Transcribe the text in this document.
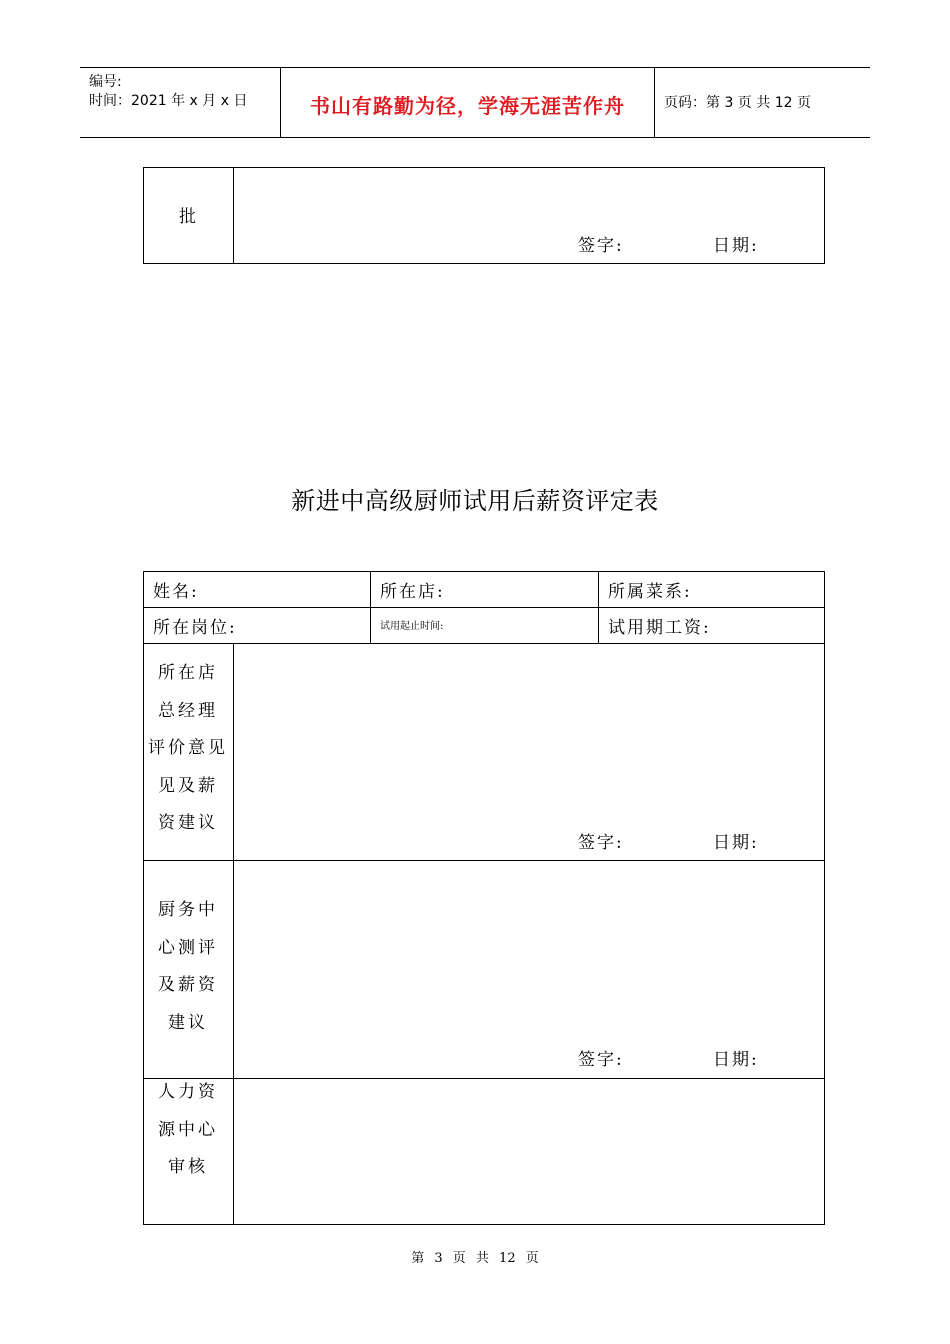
编号:
时间：2021 年 x 月 x 日	书山有路勤为径，学海无涯苦作舟	页码：第 3 页 共 12 页
批
签字:	日期:
新进中高级厨师试用后薪资评定表
姓名:	所在店:	所属菜系:
所在岗位:	试用起止时间:	试用期工资:
所在店
总经理
评价意见
见及薪
资建议
签字:	日期:
厨务中
心测评
及薪资
建议
签字:	日期:
人力资
源中心
审核
第 3 页 共 12 页
